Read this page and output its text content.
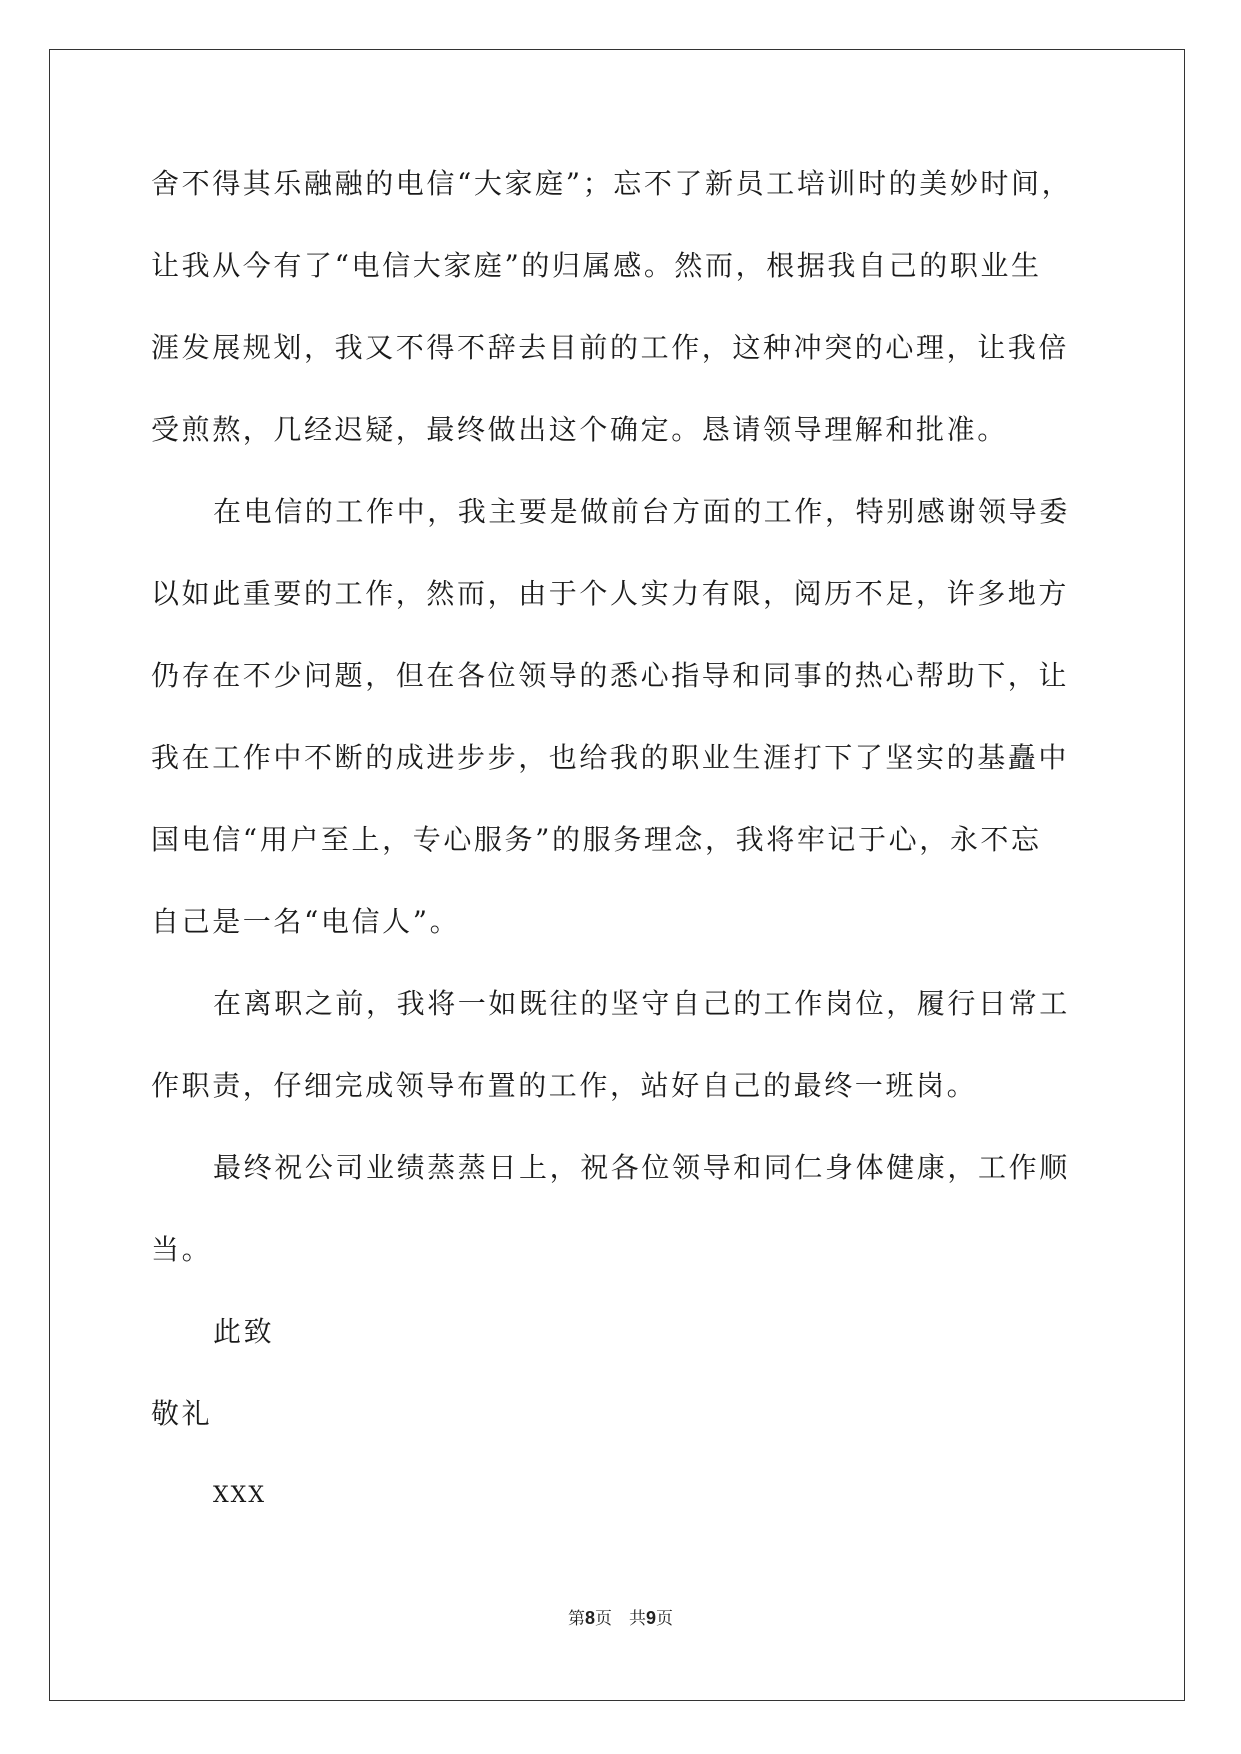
舍不得其乐融融的电信“大家庭”；忘不了新员工培训时的美妙时间，
让我从今有了“电信大家庭”的归属感。然而，根据我自己的职业生
涯发展规划，我又不得不辞去目前的工作，这种冲突的心理，让我倍
受煎熬，几经迟疑，最终做出这个确定。恳请领导理解和批准。
在电信的工作中，我主要是做前台方面的工作，特别感谢领导委
以如此重要的工作，然而，由于个人实力有限，阅历不足，许多地方
仍存在不少问题，但在各位领导的悉心指导和同事的热心帮助下，让
我在工作中不断的成进步步，也给我的职业生涯打下了坚实的基矗中
国电信“用户至上，专心服务”的服务理念，我将牢记于心，永不忘
自己是一名“电信人”。
在离职之前，我将一如既往的坚守自己的工作岗位，履行日常工
作职责，仔细完成领导布置的工作，站好自己的最终一班岗。
最终祝公司业绩蒸蒸日上，祝各位领导和同仁身体健康，工作顺
当。
此致
敬礼
XXX
第8页　共9页
